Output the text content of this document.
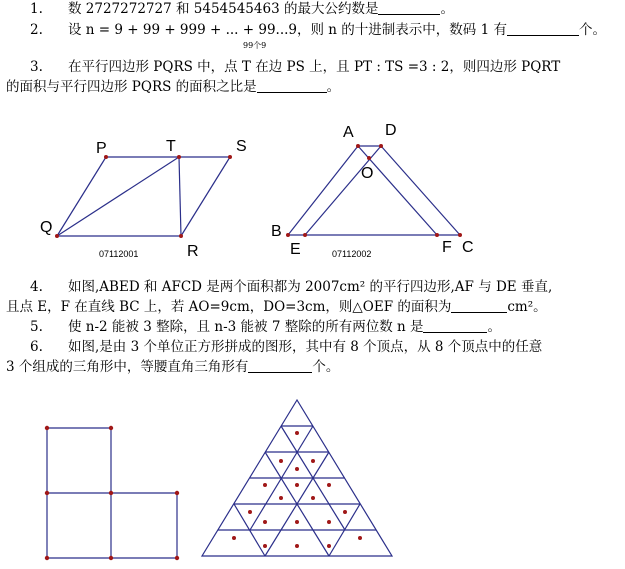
1. 数 2727272727 和 5454545463 的最大公约数是	。
2. 设 n = 9 + 99 + 999 + ... + 99...9，则 n 的十进制表示中，数码 1 有	个。
99个9
3. 在平行四边形 PQRS 中，点 T 在边 PS 上，且 PT : TS =3 : 2，则四边形 PQRT
的面积与平行四边形 PQRS 的面积之比是	。
P	T	S
Q
R
07112001
A D
O
B
E	F C
07112002
4. 如图,ABED 和 AFCD 是两个面积都为 2007cm² 的平行四边形,AF 与 DE 垂直,
且点 E，F 在直线 BC 上，若 AO=9cm，DO=3cm，则△OEF 的面积为	cm²。
5. 使 n-2 能被 3 整除，且 n-3 能被 7 整除的所有两位数 n 是	。
6. 如图,是由 3 个单位正方形拼成的图形，其中有 8 个顶点，从 8 个顶点中的任意
3 个组成的三角形中，等腰直角三角形有	个。
